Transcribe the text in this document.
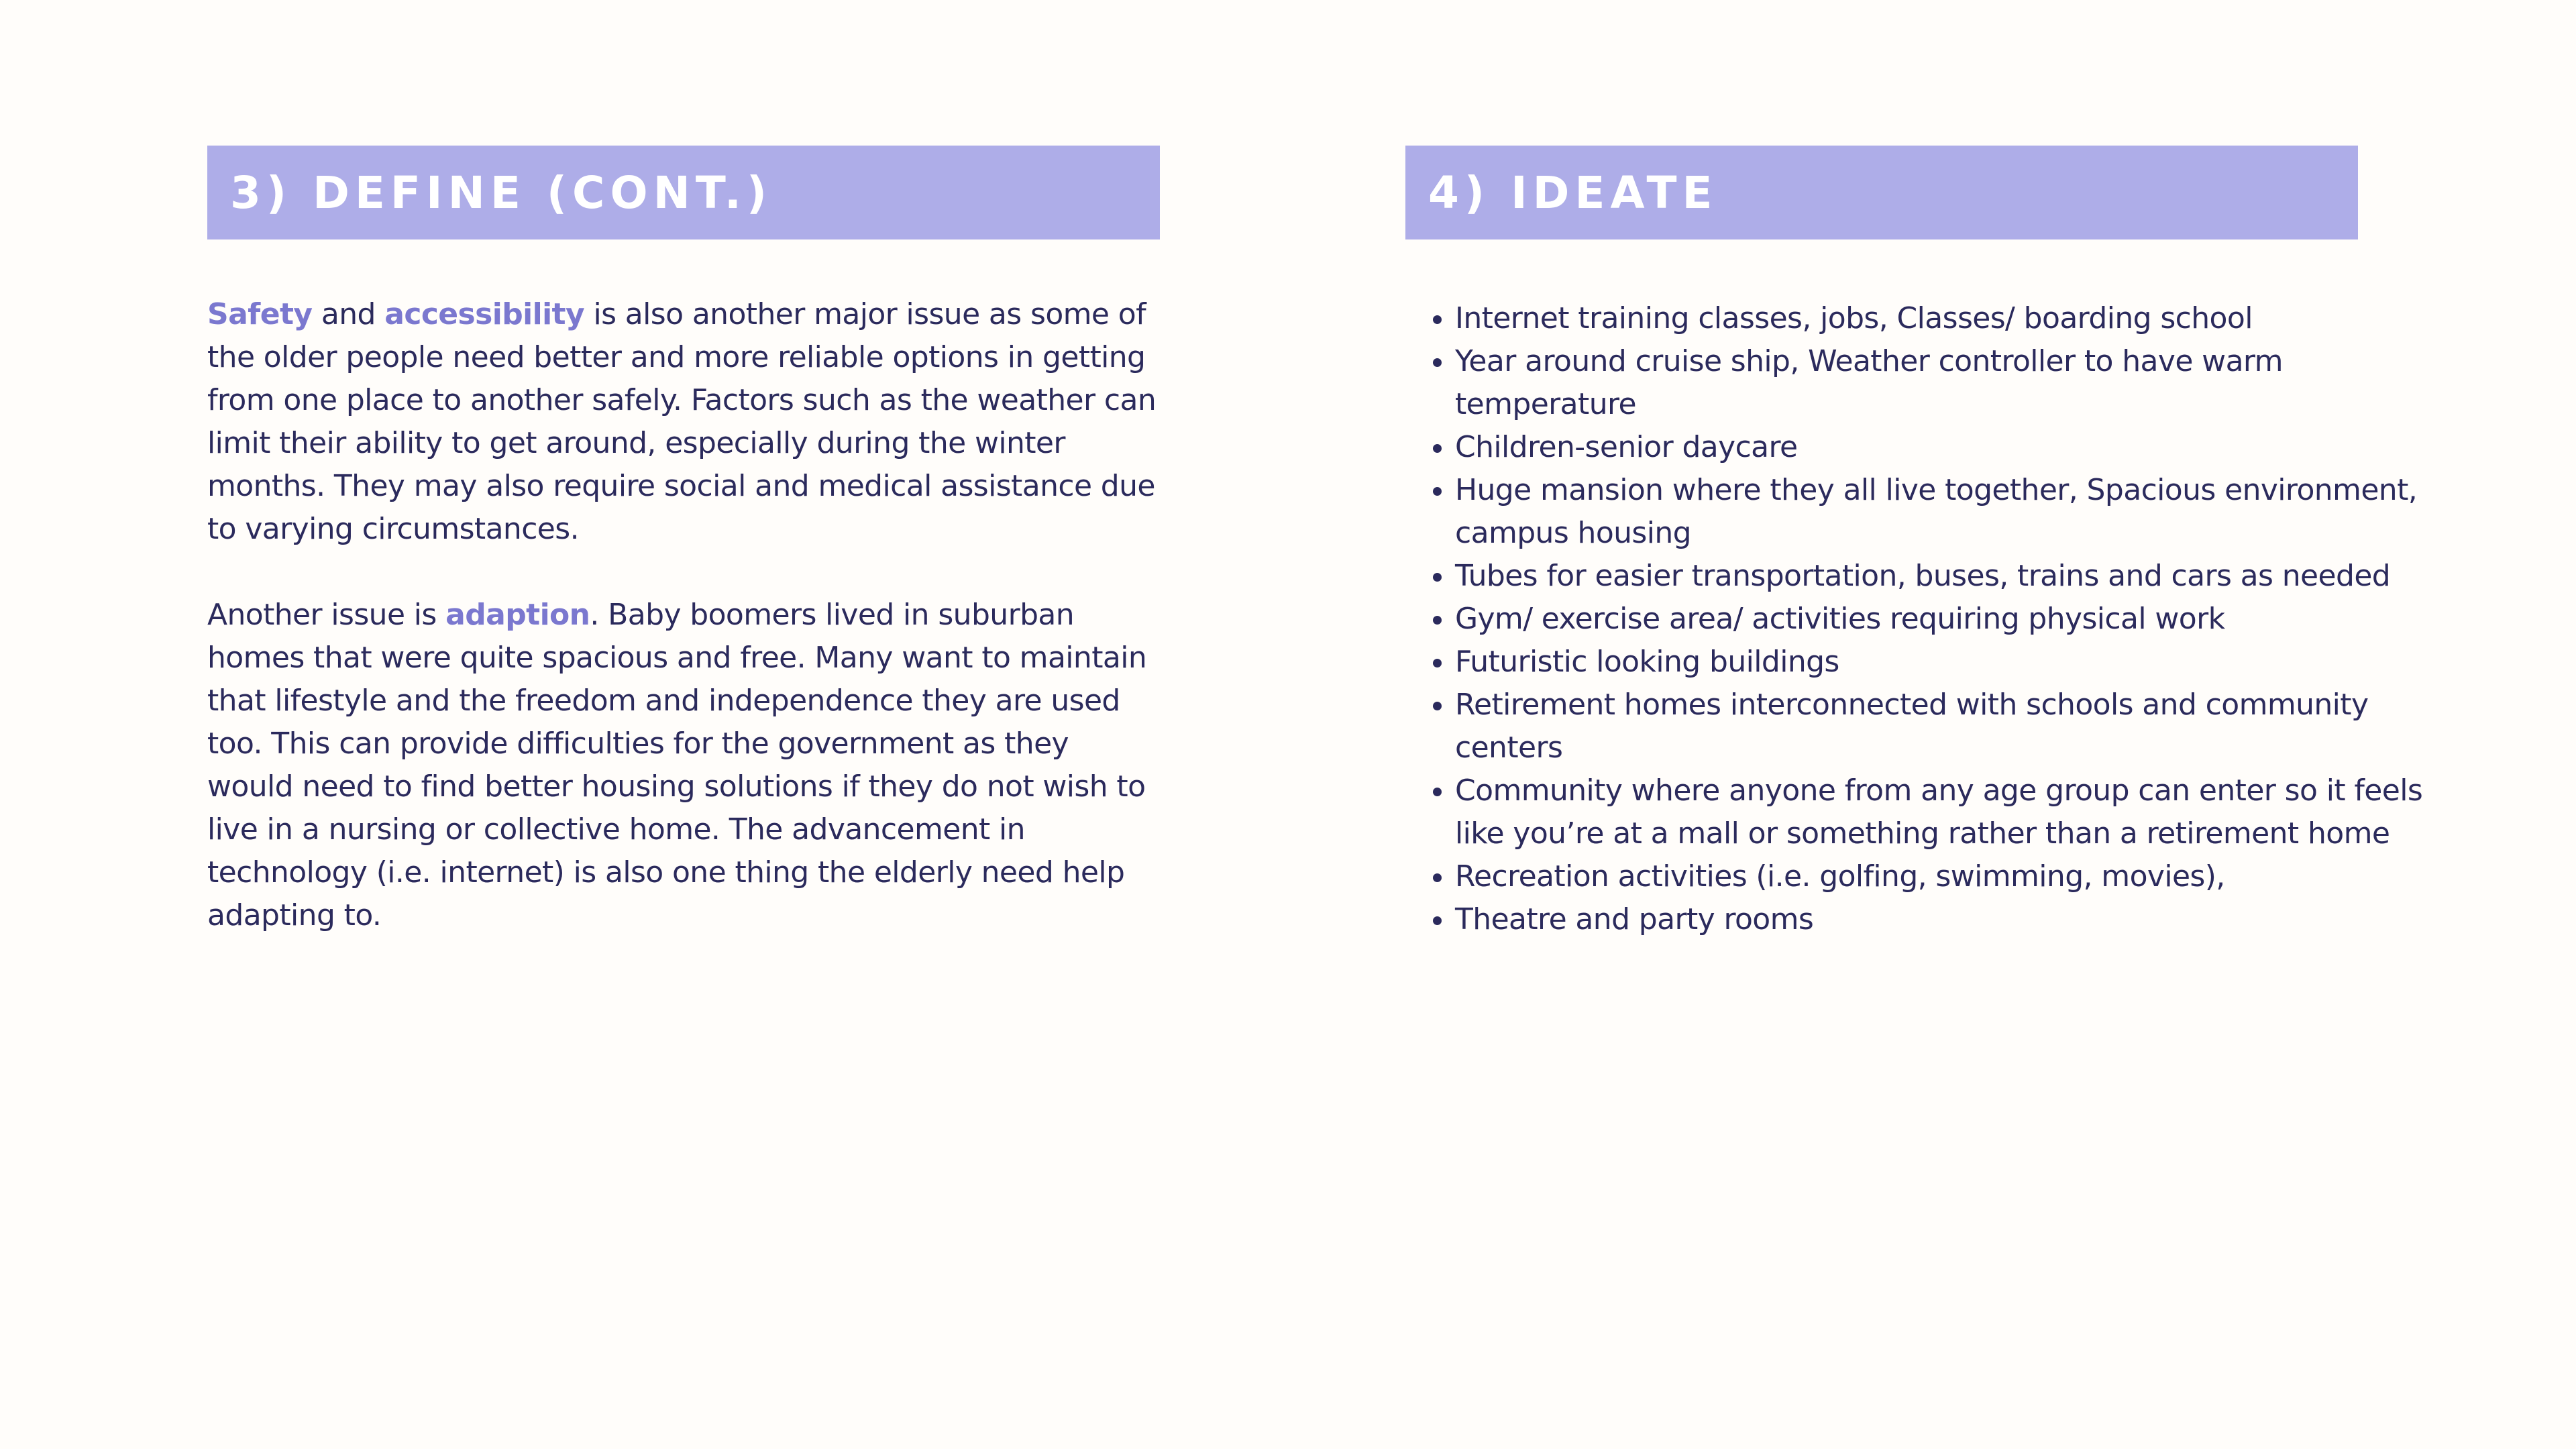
3) DEFINE (CONT.)

Safety and accessibility is also another major issue as some of the older people need better and more reliable options in getting from one place to another safely. Factors such as the weather can limit their ability to get around, especially during the winter months. They may also require social and medical assistance due to varying circumstances.

Another issue is adaption. Baby boomers lived in suburban homes that were quite spacious and free. Many want to maintain that lifestyle and the freedom and independence they are used too. This can provide difficulties for the government as they would need to find better housing solutions if they do not wish to live in a nursing or collective home. The advancement in technology (i.e. internet) is also one thing the elderly need help adapting to.

4) IDEATE
• Internet training classes, jobs, Classes/ boarding school
• Year around cruise ship, Weather controller to have warm temperature
• Children-senior daycare
• Huge mansion where they all live together, Spacious environment, campus housing
• Tubes for easier transportation, buses, trains and cars as needed
• Gym/ exercise area/ activities requiring physical work
• Futuristic looking buildings
• Retirement homes interconnected with schools and community centers
• Community where anyone from any age group can enter so it feels like you’re at a mall or something rather than a retirement home
• Recreation activities (i.e. golfing, swimming, movies),
• Theatre and party rooms
